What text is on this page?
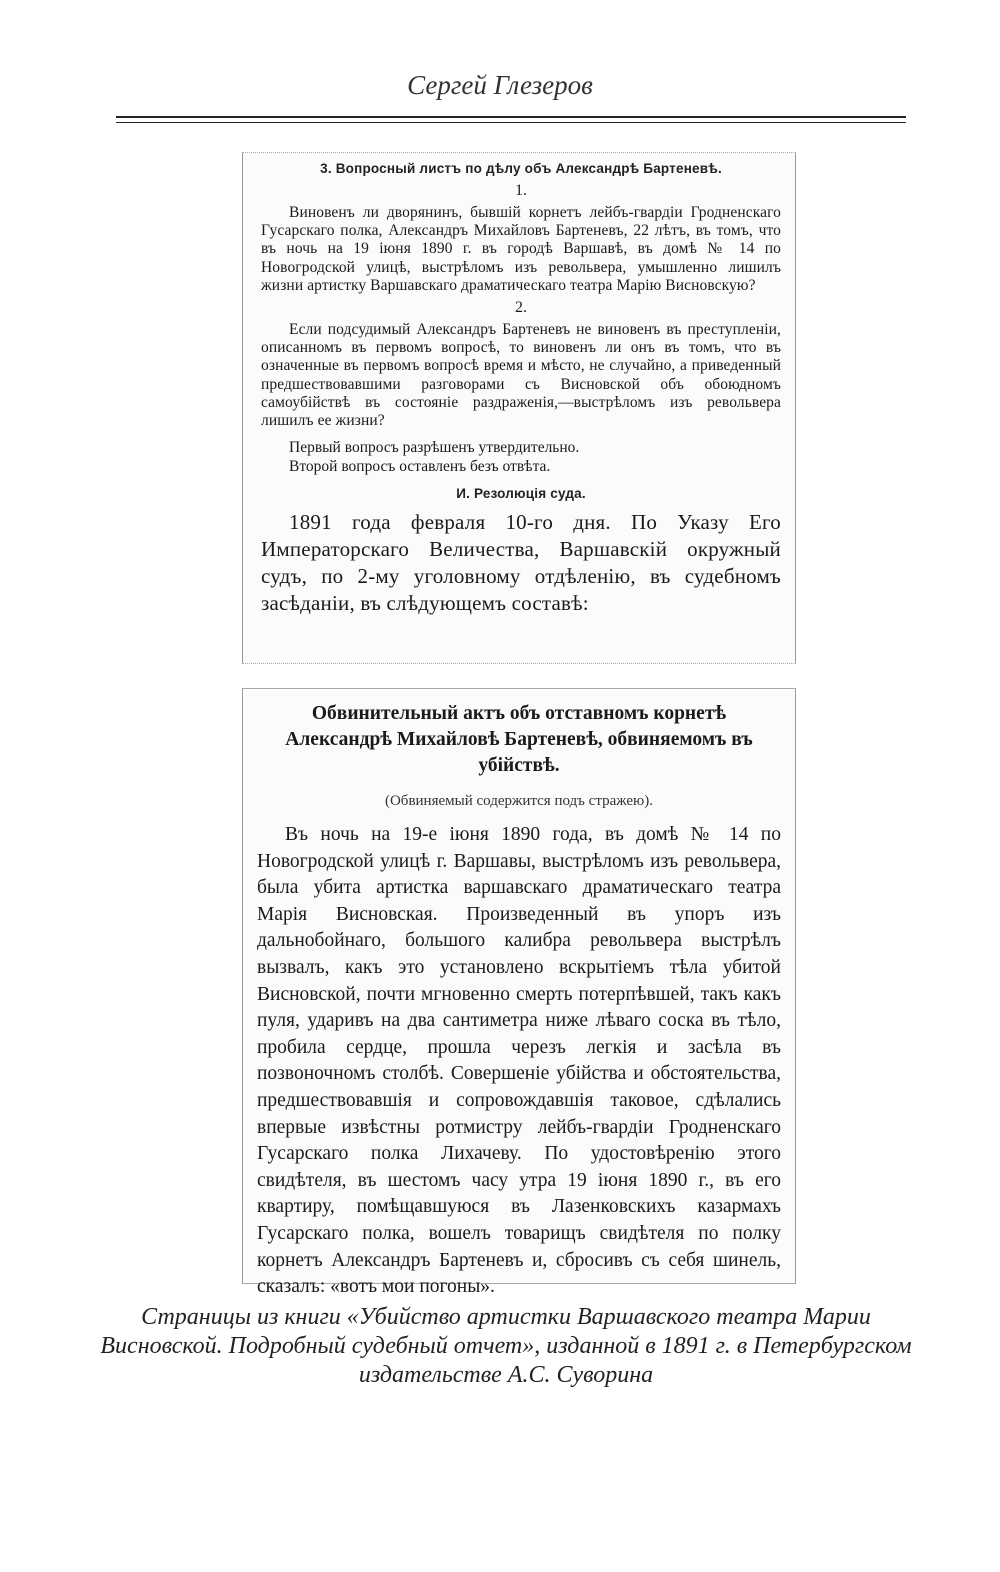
Сергей Глезеров
3. Вопросный листъ по дѣлу объ Александрѣ Бартеневѣ.
1.

Виновенъ ли дворянинъ, бывшій корнетъ лейбъ-гвардіи Гродненскаго Гусарскаго полка, Александръ Михайловъ Бартеневъ, 22 лѣтъ, въ томъ, что въ ночь на 19 іюня 1890 г. въ городѣ Варшавѣ, въ домѣ № 14 по Новогродской улицѣ, выстрѣломъ изъ револьвера, умышленно лишилъ жизни артистку Варшавскаго драматическаго театра Марію Висновскую?

2.

Если подсудимый Александръ Бартеневъ не виновенъ въ преступленіи, описанномъ въ первомъ вопросѣ, то виновенъ ли онъ въ томъ, что въ означенные въ первомъ вопросѣ время и мѣсто, не случайно, а приведенный предшествовавшими разговорами съ Висновской объ обоюдномъ самоубійствѣ въ состояніе раздраженія,—выстрѣломъ изъ револьвера лишилъ ее жизни?

Первый вопросъ разрѣшенъ утвердительно.
Второй вопросъ оставленъ безъ отвѣта.
И. Резолюція суда.

1891 года февраля 10-го дня. По Указу Его Императорскаго Величества, Варшавскій окружный судъ, по 2-му уголовному отдѣленію, въ судебномъ засѣданіи, въ слѣдующемъ составѣ:

Обвинительный актъ объ отставномъ корнетѣ Александрѣ Михайловѣ Бартеневѣ, обвиняемомъ въ убійствѣ.
(Обвиняемый содержится подъ стражею).

Въ ночь на 19-е іюня 1890 года, въ домѣ № 14 по Новогродской улицѣ г. Варшавы, выстрѣломъ изъ револьвера, была убита артистка варшавскаго драматическаго театра Марія Висновская. Произведенный въ упоръ изъ дальнобойнаго, большого калибра револьвера выстрѣлъ вызвалъ, какъ это установлено вскрытіемъ тѣла убитой Висновской, почти мгновенно смерть потерпѣвшей, такъ какъ пуля, ударивъ на два сантиметра ниже лѣваго соска въ тѣло, пробила сердце, прошла черезъ легкія и засѣла въ позвоночномъ столбѣ. Совершеніе убійства и обстоятельства, предшествовавшія и сопровождавшія таковое, сдѣлались впервые извѣстны ротмистру лейбъ-гвардіи Гродненскаго Гусарскаго полка Лихачеву. По удостовѣренію этого свидѣтеля, въ шестомъ часу утра 19 іюня 1890 г., въ его квартиру, помѣщавшуюся въ Лазенковскихъ казармахъ Гусарскаго полка, вошелъ товарищъ свидѣтеля по полку корнетъ Александръ Бартеневъ и, сбросивъ съ себя шинель, сказалъ: «вотъ мои погоны».

Страницы из книги «Убийство артистки Варшавского театра Марии Висновской. Подробный судебный отчет», изданной в 1891 г. в Петербургском издательстве А.С. Суворина
